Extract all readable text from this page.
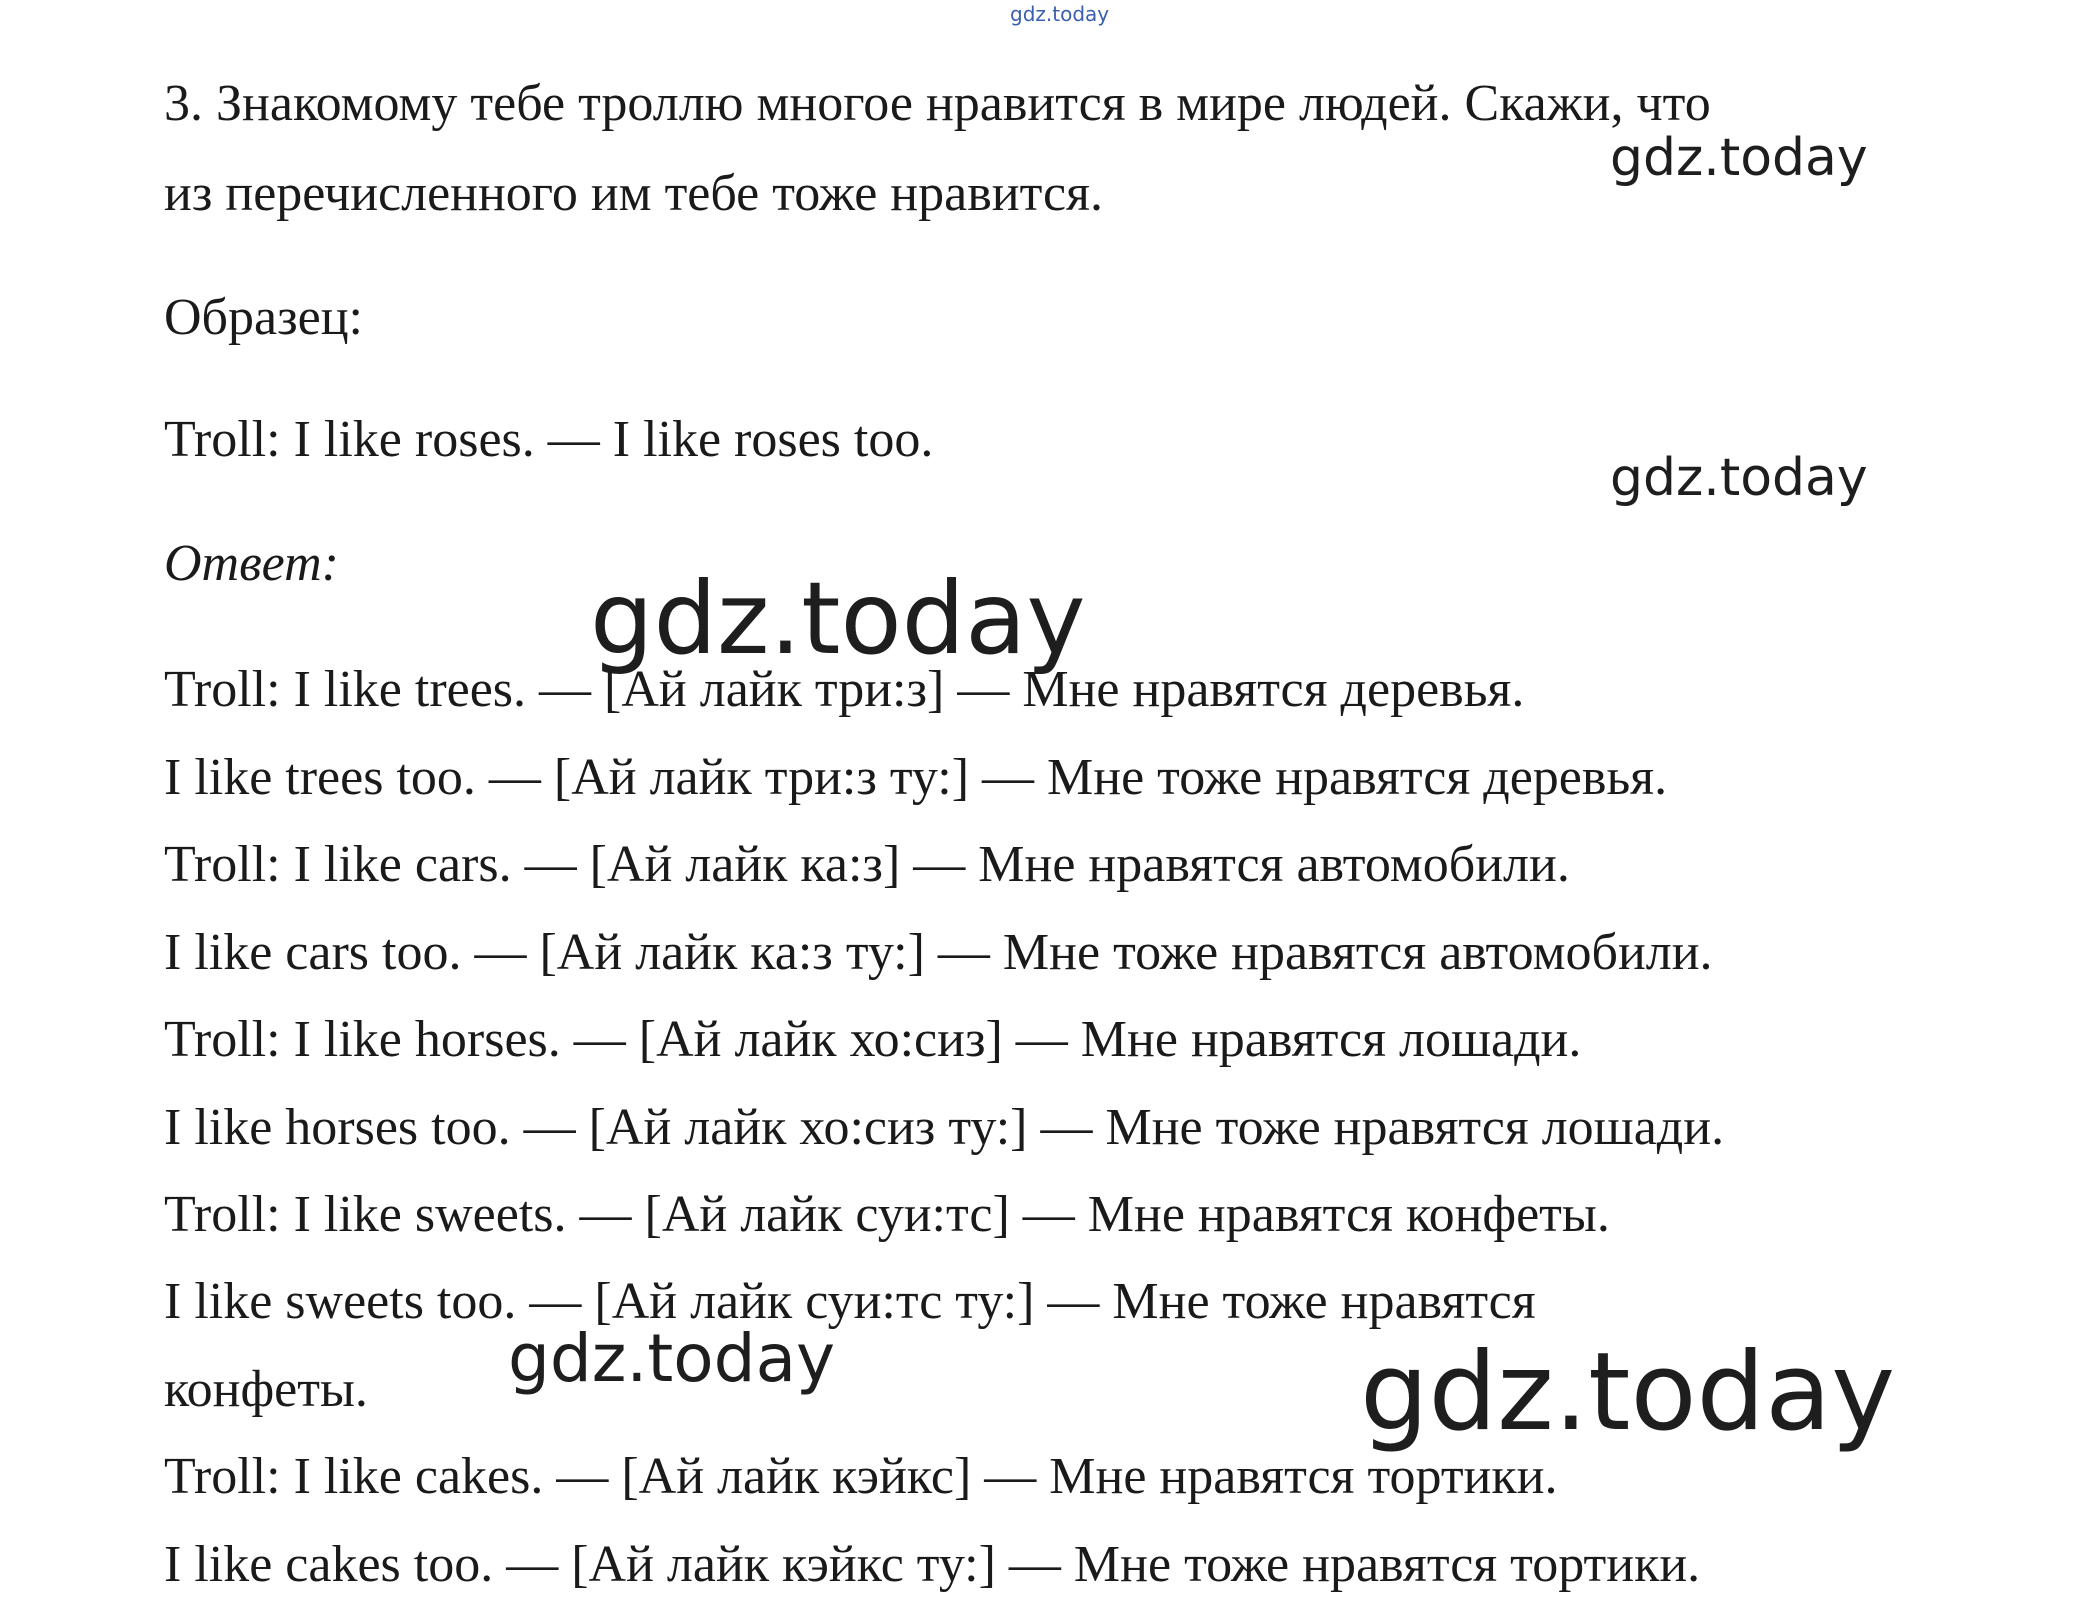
gdz.today

3. Знакомому тебе троллю многое нравится в мире людей. Скажи, что

из перечисленного им тебе тоже нравится.

gdz.today

Образец:

Troll: I like roses. — I like roses too.

gdz.today

Ответ:	gdz.today

Troll: I like trees. — [Ай лайк три:з] — Мне нравятся деревья.

I like trees too. — [Ай лайк три:з ту:] — Мне тоже нравятся деревья.

Troll: I like cars. — [Ай лайк ка:з] — Мне нравятся автомобили.

I like cars too. — [Ай лайк ка:з ту:] — Мне тоже нравятся автомобили.

Troll: I like horses. — [Ай лайк хо:сиз] — Мне нравятся лошади.

I like horses too. — [Ай лайк хо:сиз ту:] — Мне тоже нравятся лошади.

Troll: I like sweets. — [Ай лайк суи:тс] — Мне нравятся конфеты.

I like sweets too. — [Ай лайк суи:тс ту:] — Мне тоже нравятся

конфеты. gdz.today	gdz.today

Troll: I like cakes. — [Ай лайк кэйкс] — Мне нравятся тортики.

I like cakes too. — [Ай лайк кэйкс ту:] — Мне тоже нравятся тортики.
